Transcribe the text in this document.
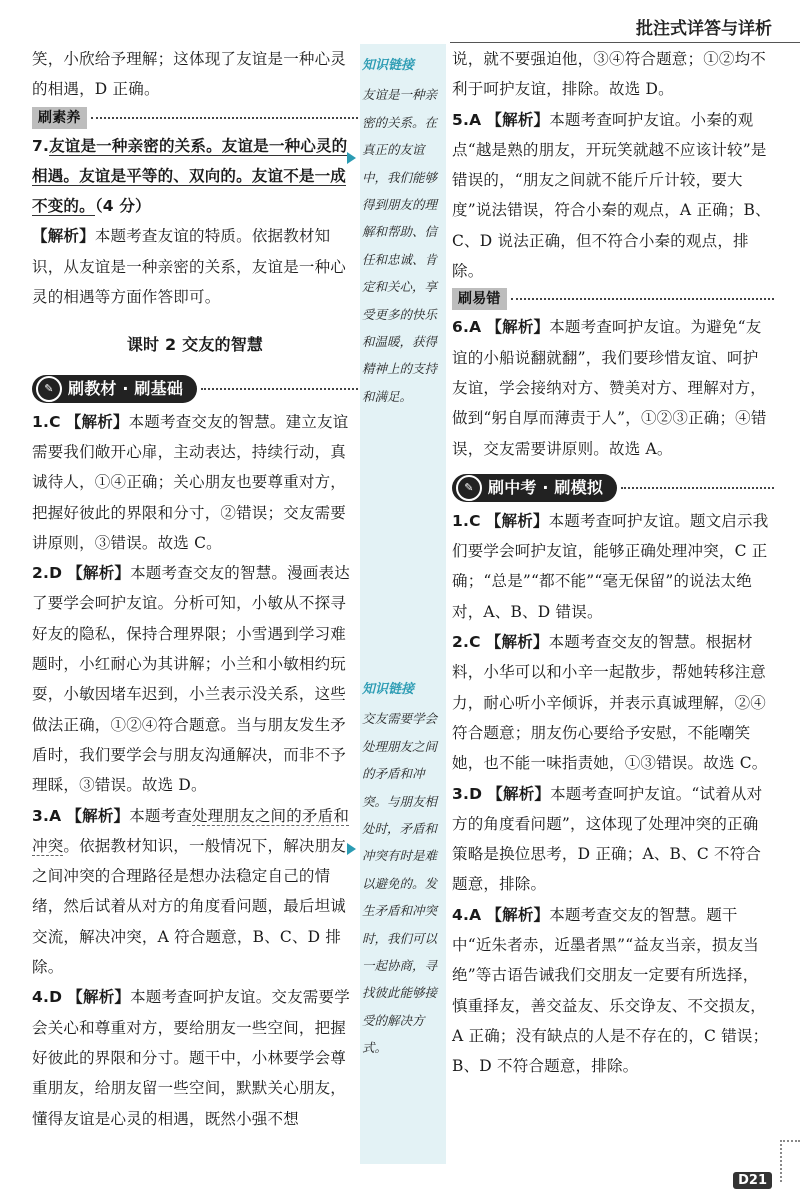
批注式详答与详析

笑，小欣给予理解；这体现了友谊是一种心灵的相遇，D 正确。

刷素养

7.友谊是一种亲密的关系。友谊是一种心灵的相遇。友谊是平等的、双向的。友谊不是一成不变的。（4 分）

【解析】本题考查友谊的特质。依据教材知识，从友谊是一种亲密的关系，友谊是一种心灵的相遇等方面作答即可。

课时 2 交友的智慧

✎ 刷教材 · 刷基础

1.C 【解析】本题考查交友的智慧。建立友谊需要我们敞开心扉，主动表达，持续行动，真诚待人，①④正确；关心朋友也要尊重对方，把握好彼此的界限和分寸，②错误；交友需要讲原则，③错误。故选 C。

2.D 【解析】本题考查交友的智慧。漫画表达了要学会呵护友谊。分析可知，小敏从不探寻好友的隐私，保持合理界限；小雪遇到学习难题时，小红耐心为其讲解；小兰和小敏相约玩耍，小敏因堵车迟到，小兰表示没关系，这些做法正确，①②④符合题意。当与朋友发生矛盾时，我们要学会与朋友沟通解决，而非不予理睬，③错误。故选 D。

3.A 【解析】本题考查处理朋友之间的矛盾和冲突。依据教材知识，一般情况下，解决朋友之间冲突的合理路径是想办法稳定自己的情绪，然后试着从对方的角度看问题，最后坦诚交流，解决冲突，A 符合题意，B、C、D 排除。

4.D 【解析】本题考查呵护友谊。交友需要学会关心和尊重对方，要给朋友一些空间，把握好彼此的界限和分寸。题干中，小林要学会尊重朋友，给朋友留一些空间，默默关心朋友，懂得友谊是心灵的相遇，既然小强不想

知识链接
友谊是一种亲密的关系。在真正的友谊中，我们能够得到朋友的理解和帮助、信任和忠诚、肯定和关心，享受更多的快乐和温暖，获得精神上的支持和满足。
知识链接
交友需要学会处理朋友之间的矛盾和冲突。与朋友相处时，矛盾和冲突有时是难以避免的。发生矛盾和冲突时，我们可以一起协商，寻找彼此能够接受的解决方式。

说，就不要强迫他，③④符合题意；①②均不利于呵护友谊，排除。故选 D。

5.A 【解析】本题考查呵护友谊。小秦的观点“越是熟的朋友，开玩笑就越不应该计较”是错误的，“朋友之间就不能斤斤计较，要大度”说法错误，符合小秦的观点，A 正确；B、C、D 说法正确，但不符合小秦的观点，排除。

刷易错

6.A 【解析】本题考查呵护友谊。为避免“友谊的小船说翻就翻”，我们要珍惜友谊、呵护友谊，学会接纳对方、赞美对方、理解对方，做到“躬自厚而薄责于人”，①②③正确；④错误，交友需要讲原则。故选 A。

✎ 刷中考 · 刷模拟

1.C 【解析】本题考查呵护友谊。题文启示我们要学会呵护友谊，能够正确处理冲突，C 正确；“总是”“都不能”“毫无保留”的说法太绝对，A、B、D 错误。

2.C 【解析】本题考查交友的智慧。根据材料，小华可以和小辛一起散步，帮她转移注意力，耐心听小辛倾诉，并表示真诚理解，②④符合题意；朋友伤心要给予安慰，不能嘲笑她，也不能一味指责她，①③错误。故选 C。

3.D 【解析】本题考查呵护友谊。“试着从对方的角度看问题”，这体现了处理冲突的正确策略是换位思考，D 正确；A、B、C 不符合题意，排除。

4.A 【解析】本题考查交友的智慧。题干中“近朱者赤，近墨者黑”“益友当亲，损友当绝”等古语告诫我们交朋友一定要有所选择，慎重择友，善交益友、乐交诤友、不交损友，A 正确；没有缺点的人是不存在的，C 错误；B、D 不符合题意，排除。

D21
